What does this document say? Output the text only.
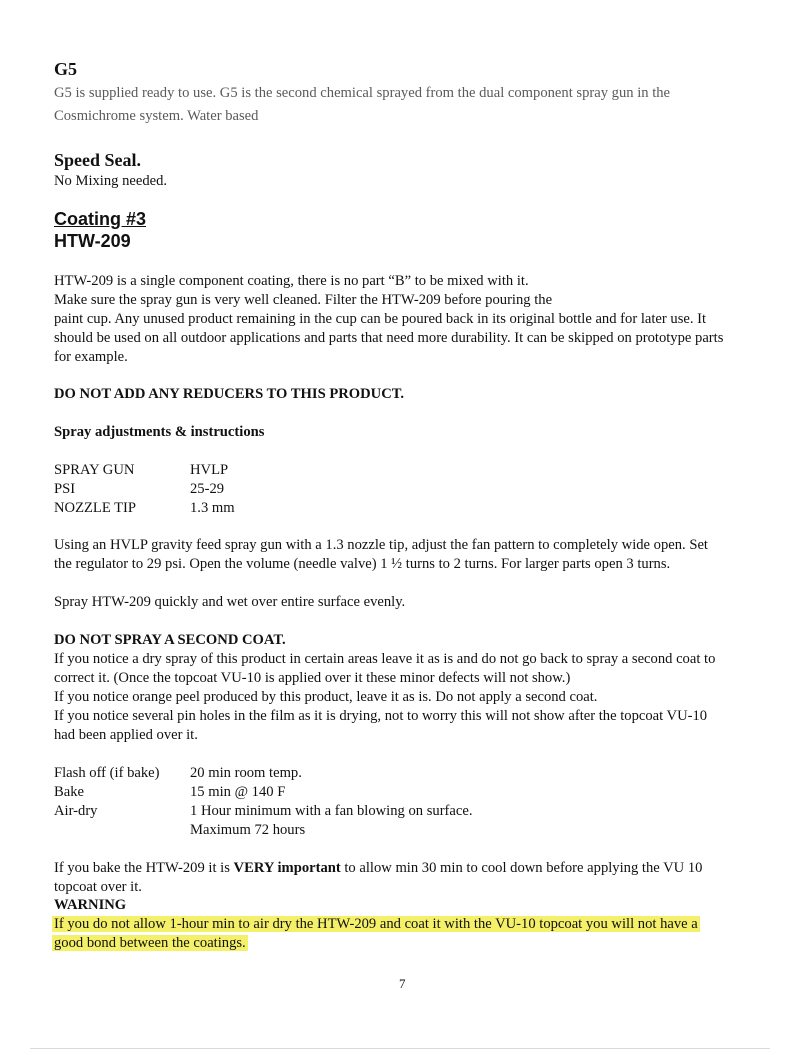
G5
G5 is supplied ready to use. G5 is the second chemical sprayed from the dual component spray gun in the
Cosmichrome system. Water based
Speed Seal.
No Mixing needed.
Coating #3
HTW-209
HTW-209 is a single component coating, there is no part “B” to be mixed with it.
Make sure the spray gun is very well cleaned. Filter the HTW-209 before pouring the
paint cup. Any unused product remaining in the cup can be poured back in its original bottle and for later use. It
should be used on all outdoor applications and parts that need more durability. It can be skipped on prototype parts
for example.
DO NOT ADD ANY REDUCERS TO THIS PRODUCT.
Spray adjustments & instructions
SPRAY GUN	HVLP
PSI	25-29
NOZZLE TIP	1.3 mm
Using an HVLP gravity feed spray gun with a 1.3 nozzle tip, adjust the fan pattern to completely wide open. Set
the regulator to 29 psi. Open the volume (needle valve) 1 ½ turns to 2 turns. For larger parts open 3 turns.
Spray HTW-209 quickly and wet over entire surface evenly.
DO NOT SPRAY A SECOND COAT.
If you notice a dry spray of this product in certain areas leave it as is and do not go back to spray a second coat to
correct it. (Once the topcoat VU-10 is applied over it these minor defects will not show.)
If you notice orange peel produced by this product, leave it as is. Do not apply a second coat.
If you notice several pin holes in the film as it is drying, not to worry this will not show after the topcoat VU-10
had been applied over it.
Flash off (if bake) 20 min room temp.
Bake	15 min @ 140 F
Air-dry	1 Hour minimum with a fan blowing on surface.
Maximum 72 hours
If you bake the HTW-209 it is VERY important to allow min 30 min to cool down before applying the VU 10
topcoat over it.
WARNING
If you do not allow 1-hour min to air dry the HTW-209 and coat it with the VU-10 topcoat you will not have a
good bond between the coatings.
7
